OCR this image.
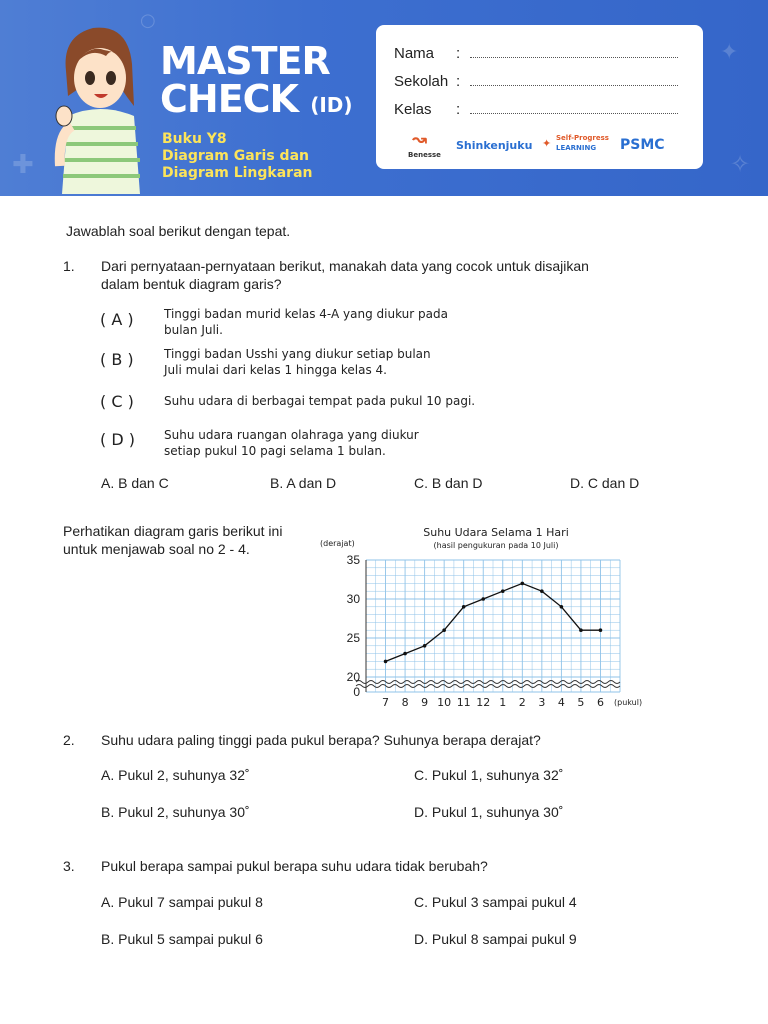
✚
✦
✧
○
MASTER
CHECK (ID)
Buku Y8
Diagram Garis dan
Diagram Lingkaran
Nama :
Sekolah :
Kelas :
↝
Benesse
Shinkenjuku ✦ Self-Progress
LEARNING PSMC
Jawablah soal berikut dengan tepat.
1. Dari pernyataan-pernyataan berikut, manakah data yang cocok untuk disajikan
dalam bentuk diagram garis?
( A )	Tinggi badan murid kelas 4-A yang diukur pada
bulan Juli.
( B )	Tinggi badan Usshi yang diukur setiap bulan
Juli mulai dari kelas 1 hingga kelas 4.
( C )	Suhu udara di berbagai tempat pada pukul 10 pagi.
( D ) Suhu udara ruangan olahraga yang diukur
setiap pukul 10 pagi selama 1 bulan.
A. B dan C	B. A dan D	C. B dan D	D. C dan D
Perhatikan diagram garis berikut ini
untuk menjawab soal no 2 - 4.
Suhu Udara Selama 1 Hari
(hasil pengukuran pada 10 Juli)
(derajat)
(pukul)
35
30
25
20
0
7 8 9 10 11 12 1 2 3 4 5 6
2. Suhu udara paling tinggi pada pukul berapa? Suhunya berapa derajat?
A. Pukul 2, suhunya 32˚	C. Pukul 1, suhunya 32˚
B. Pukul 2, suhunya 30˚	D. Pukul 1, suhunya 30˚
3. Pukul berapa sampai pukul berapa suhu udara tidak berubah?
A. Pukul 7 sampai pukul 8	C. Pukul 3 sampai pukul 4
B. Pukul 5 sampai pukul 6	D. Pukul 8 sampai pukul 9
